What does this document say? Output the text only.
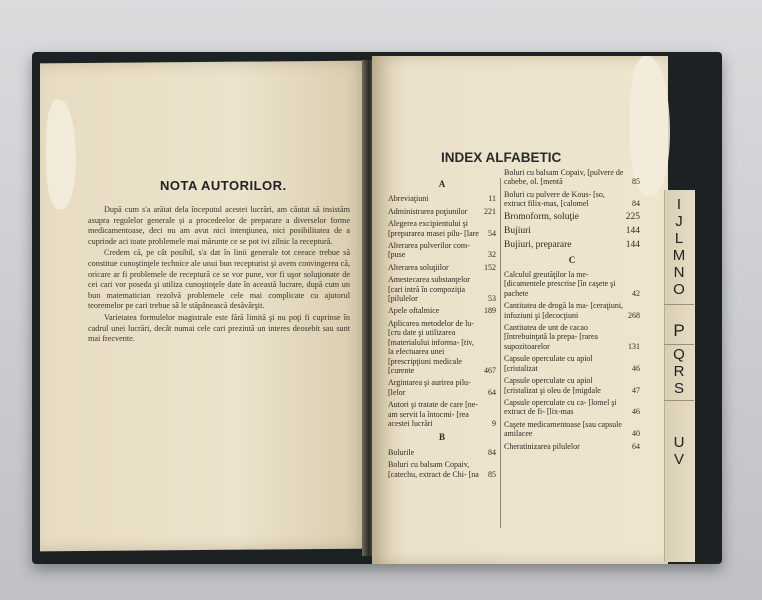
NOTA AUTORILOR.

După cum s'a arătat dela începutul acestei lucrări, am căutat să insistăm asupra regulelor generale și a procedeelor de preparare a diverselor forme medicamentoase, deci nu am avut nici intenţiunea, nici posibilitatea de a cuprinde aci toate problemele mai mărunte ce se pot ivi zilnic la receptură.

Credem că, pe cât posibil, s'a dat în linii generale tot ceeace trebue să constitue cunoştinţele technice ale unui bun recepturist şi avem convingerea că, oricare ar fi problemele de receptură ce se vor pune, vor fi uşor soluţionate de cei cari vor poseda şi utiliza cunoştinţele date în această lucrare, după cum un bun matematician rezolvă problemele cele mai complicate cu ajutorul teoremelor pe cari trebue să le stăpânească desăvârşit.

Varietatea formulelor magistrale este fără limită şi nu poţi fi cuprinse în cadrul unei lucrări, decât numai cele cari prezintă un interes deosebit sau sunt mai frecvente.

INDEX ALFABETIC
A
Abreviaţiuni	11
Administrarea poţiunilor	221
Alegerea excipientului şi [prepararea masei pilu- [lare	54
Alterarea pulverilor com- [puse	32
Alterarea soluţiilor	152
Amestecarea substanţelor [cari intră în compoziţia [pilulelor	53
Apele oftalmice	189
Aplicarea metodelor de lu- [cru date şi utilizarea [materialului informa- [tiv, la efectuarea unei [prescripţiuni medicale [curente	467
Argintarea şi aurirea pilu- [lelor	64
Autori şi tratate de care [ne-am servit la întocmi- [rea acestei lucrări	9
B
Bolurile	84
Boluri cu balsam Copaiv, [catechu, extract de Chi- [na	85
Boluri cu balsam Copaiv, [pulvere de cabebe, ol. [mentă	85
Boluri cu pulvere de Kous- [so, extract filix-mas, [calomel	84
Bromoform, soluţie	225
Bujiuri	144
Bujiuri, preparare	144
C
Calculul greutăţilor la me- [dicamentele prescrise [în caşete şi pachete	42
Cantitatea de drogă la ma- [ceraţiuni, infuziuni şi [decocţiuni	268
Cantitatea de unt de cacao [întrebuinţată la prepa- [rarea supozitoarelor	131
Capsule operculate cu apiol [cristalizat	46
Capsule operculate cu apiol [cristalizat şi oleu de [migdale	47
Capsule operculate cu ca- [lomel şi extract de fi- [lix-mas	46
Caşete medicamentoase [sau capsule amilacee	40
Cheratinizarea pilulelor	64
IJLMNO
P
QRS
UV
